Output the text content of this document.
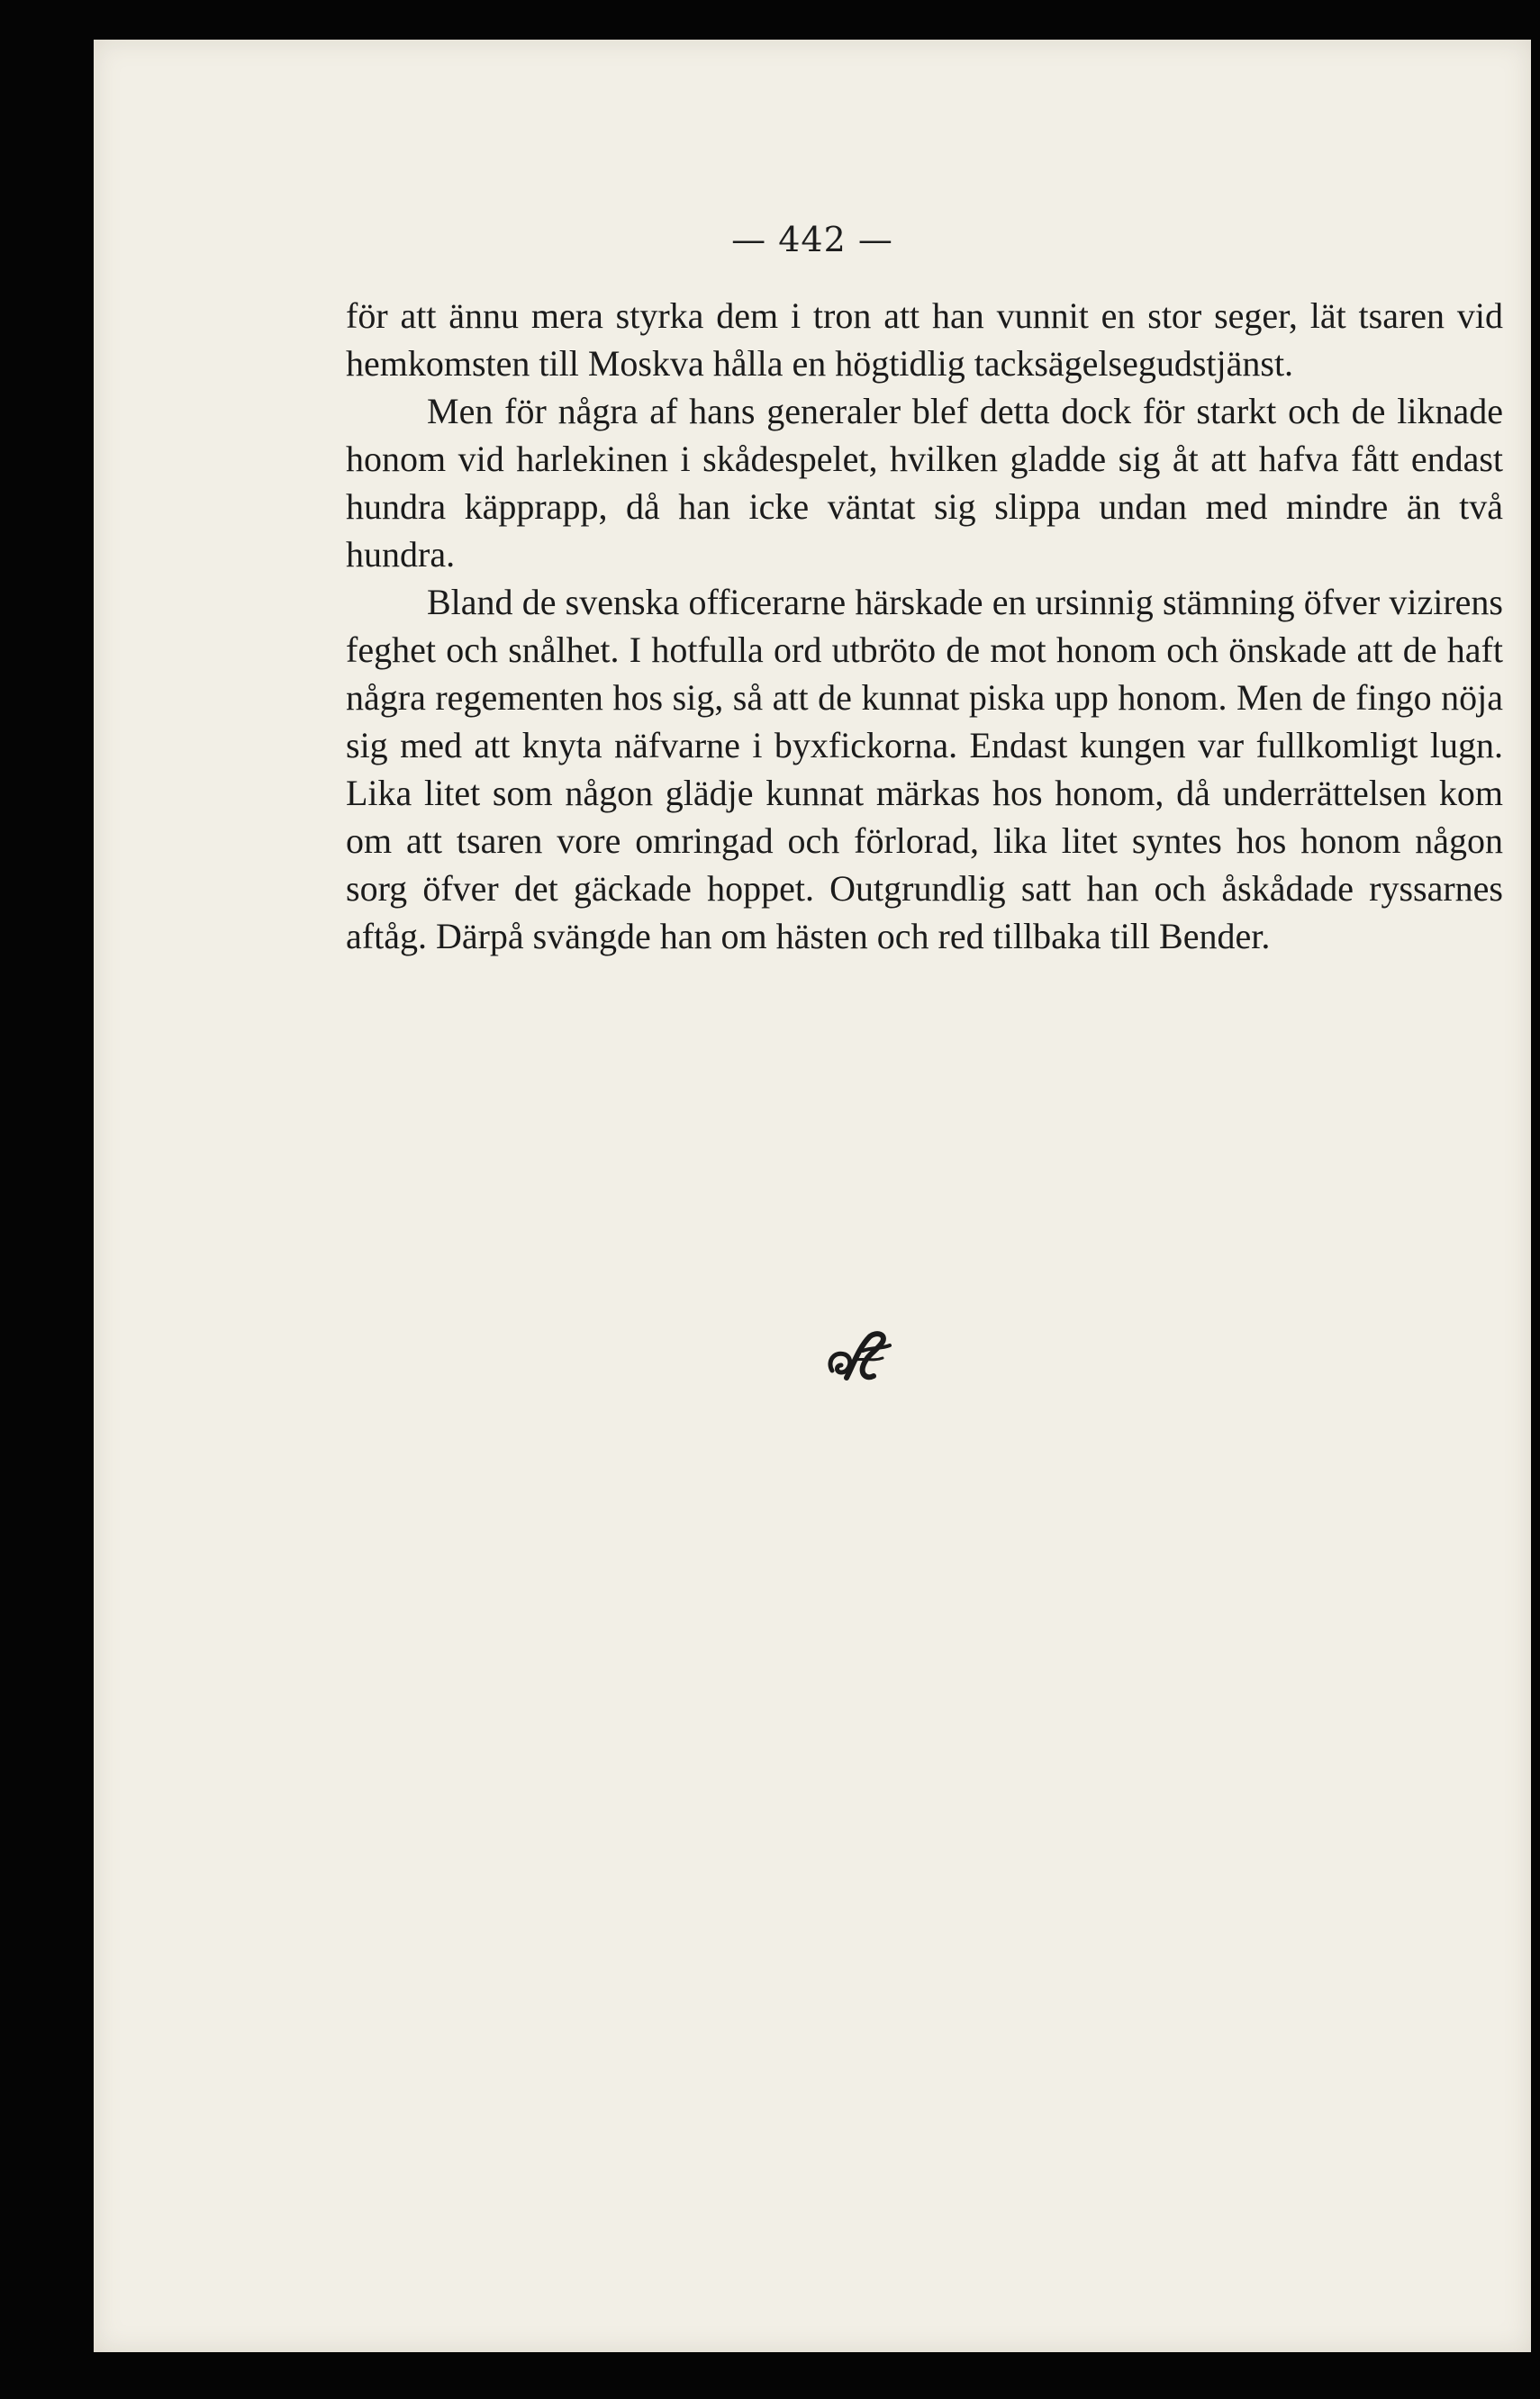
— 442 —

för att ännu mera styrka dem i tron att han vunnit en stor seger, lät tsaren vid hemkomsten till Moskva hålla en högtidlig tacksägelsegudstjänst.

Men för några af hans generaler blef detta dock för starkt och de liknade honom vid harlekinen i skådespelet, hvilken gladde sig åt att hafva fått endast hundra käpprapp, då han icke väntat sig slippa undan med mindre än två hundra.

Bland de svenska officerarne härskade en ursinnig stämning öfver vizirens feghet och snålhet. I hotfulla ord utbröto de mot honom och önskade att de haft några regementen hos sig, så att de kunnat piska upp honom. Men de fingo nöja sig med att knyta näfvarne i byxfickorna. Endast kungen var fullkomligt lugn. Lika litet som någon glädje kunnat märkas hos honom, då underrättelsen kom om att tsaren vore omringad och förlorad, lika litet syntes hos honom någon sorg öfver det gäckade hoppet. Outgrundlig satt han och åskådade ryssarnes aftåg. Därpå svängde han om hästen och red tillbaka till Bender.
